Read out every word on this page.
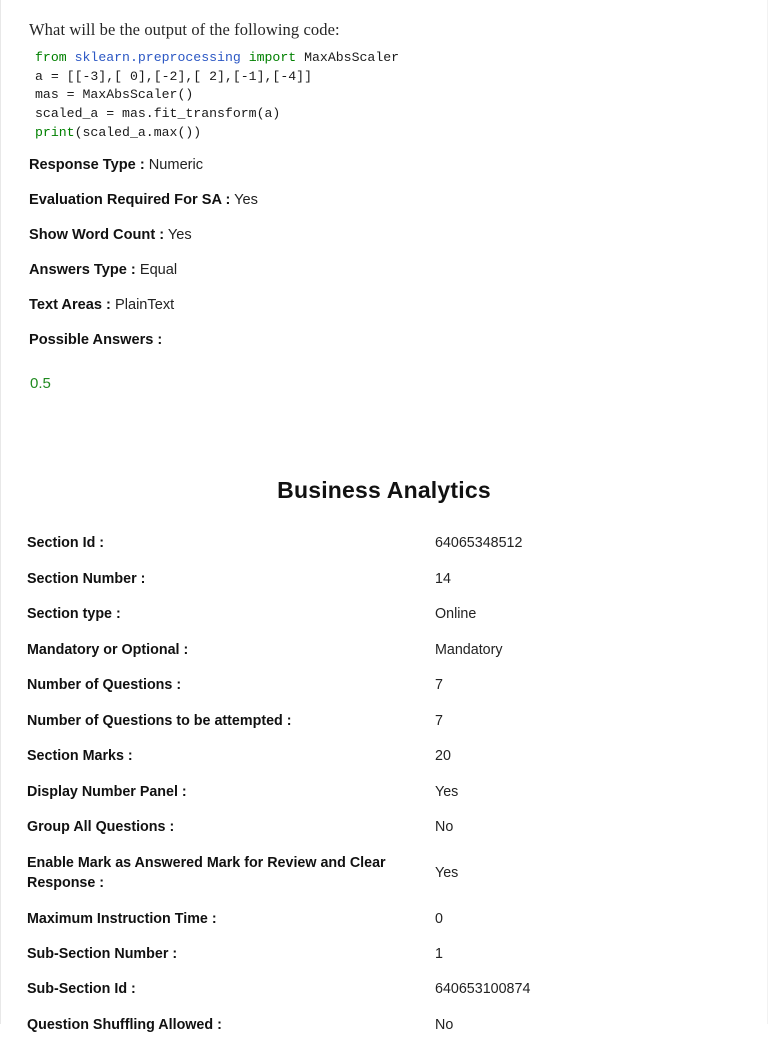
What will be the output of the following code:

from sklearn.preprocessing import MaxAbsScaler
a = [[-3],[ 0],[-2],[ 2],[-1],[-4]]
mas = MaxAbsScaler()
scaled_a = mas.fit_transform(a)
print(scaled_a.max())
Response Type : Numeric
Evaluation Required For SA : Yes
Show Word Count : Yes
Answers Type : Equal
Text Areas : PlainText
Possible Answers :
0.5
Business Analytics
Section Id :	64065348512
Section Number :	14
Section type :	Online
Mandatory or Optional :	Mandatory
Number of Questions :	7
Number of Questions to be attempted :	7
Section Marks :	20
Display Number Panel :	Yes
Group All Questions :	No
Enable Mark as Answered Mark for Review and Clear Response :	Yes
Maximum Instruction Time :	0
Sub-Section Number :	1
Sub-Section Id :	640653100874
Question Shuffling Allowed :	No
